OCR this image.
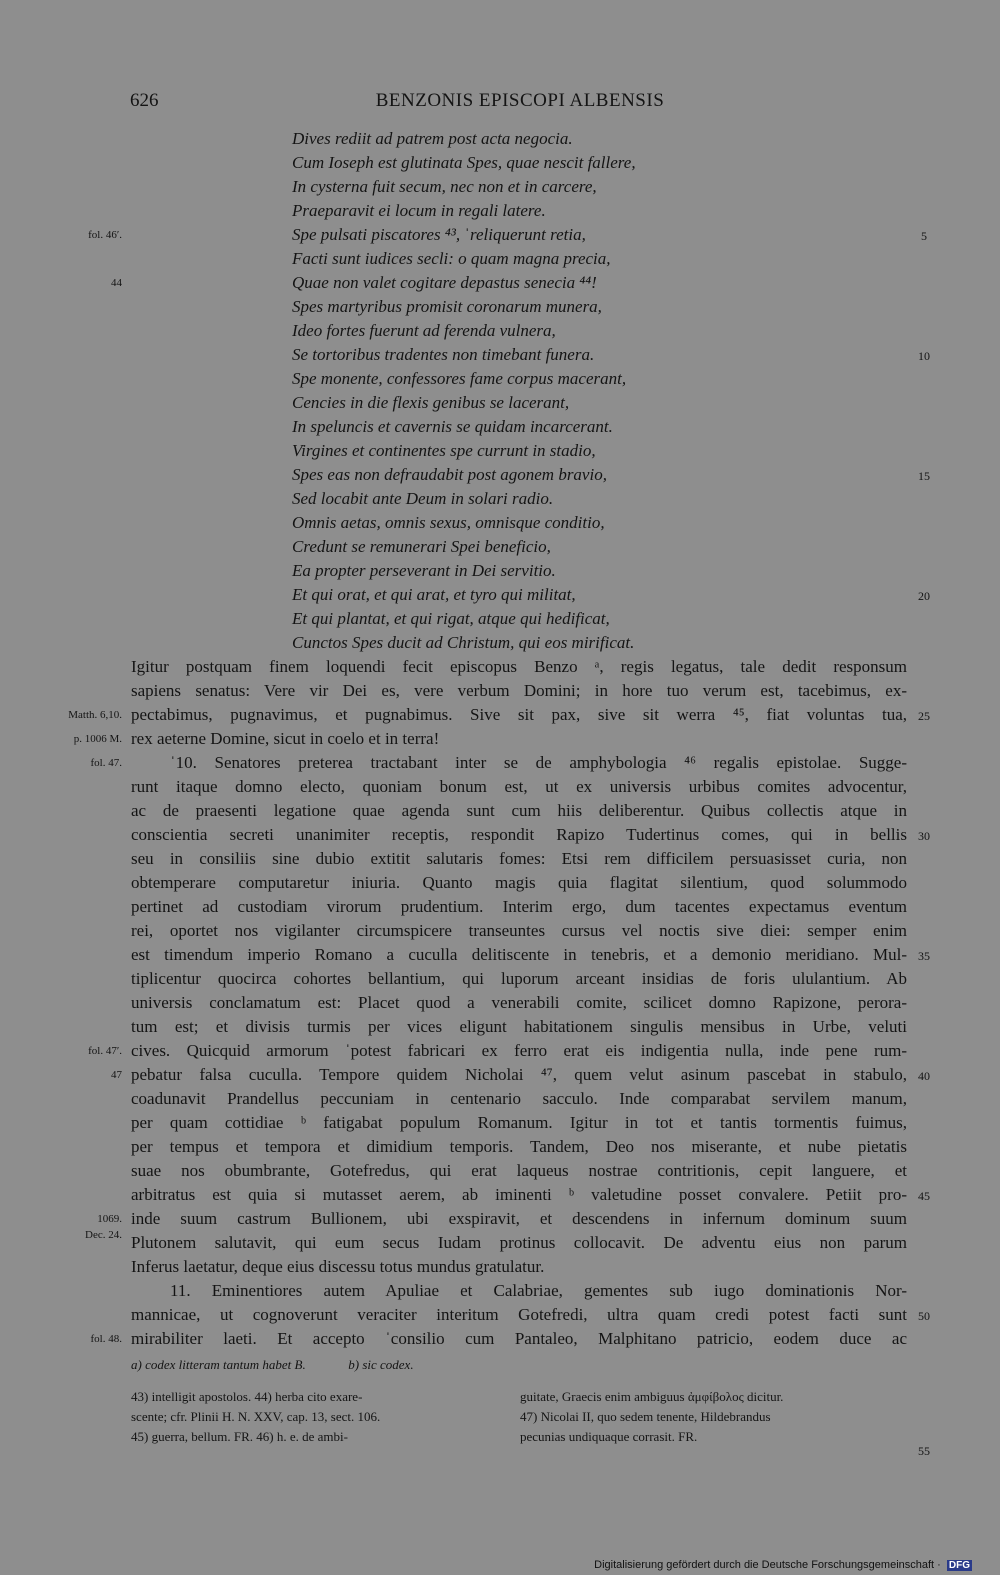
626	BENZONIS EPISCOPI ALBENSIS
Dives rediit ad patrem post acta negocia.
Cum Ioseph est glutinata Spes, quae nescit fallere,
In cysterna fuit secum, nec non et in carcere,
Praeparavit ei locum in regali latere.
Spe pulsati piscatores ⁴³, ˈreliquerunt retia,
Facti sunt iudices secli: o quam magna precia,
Quae non valet cogitare depastus senecia ⁴⁴!
Spes martyribus promisit coronarum munera,
Ideo fortes fuerunt ad ferenda vulnera,
Se tortoribus tradentes non timebant funera.
Spe monente, confessores fame corpus macerant,
Cencies in die flexis genibus se lacerant,
In speluncis et cavernis se quidam incarcerant.
Virgines et continentes spe currunt in stadio,
Spes eas non defraudabit post agonem bravio,
Sed locabit ante Deum in solari radio.
Omnis aetas, omnis sexus, omnisque conditio,
Credunt se remunerari Spei beneficio,
Ea propter perseverant in Dei servitio.
Et qui orat, et qui arat, et tyro qui militat,
Et qui plantat, et qui rigat, atque qui hedificat,
Cunctos Spes ducit ad Christum, qui eos mirificat.
Igitur postquam finem loquendi fecit episcopus Benzo ᵃ, regis legatus, tale dedit responsum
sapiens senatus: Vere vir Dei es, vere verbum Domini; in hore tuo verum est, tacebimus, ex-
pectabimus, pugnavimus, et pugnabimus. Sive sit pax, sive sit werra ⁴⁵, fiat voluntas tua,
rex aeterne Domine, sicut in coelo et in terra!
ˈ10. Senatores preterea tractabant inter se de amphybologia ⁴⁶ regalis epistolae. Sugge-
runt itaque domno electo, quoniam bonum est, ut ex universis urbibus comites advocentur,
ac de praesenti legatione quae agenda sunt cum hiis deliberentur. Quibus collectis atque in
conscientia secreti unanimiter receptis, respondit Rapizo Tudertinus comes, qui in bellis
seu in consiliis sine dubio extitit salutaris fomes: Etsi rem difficilem persuasisset curia, non
obtemperare computaretur iniuria. Quanto magis quia flagitat silentium, quod solummodo
pertinet ad custodiam virorum prudentium. Interim ergo, dum tacentes expectamus eventum
rei, oportet nos vigilanter circumspicere transeuntes cursus vel noctis sive diei: semper enim
est timendum imperio Romano a cuculla delitiscente in tenebris, et a demonio meridiano. Mul-
tiplicentur quocirca cohortes bellantium, qui luporum arceant insidias de foris ululantium. Ab
universis conclamatum est: Placet quod a venerabili comite, scilicet domno Rapizone, perora-
tum est; et divisis turmis per vices eligunt habitationem singulis mensibus in Urbe, veluti
cives. Quicquid armorum ˈpotest fabricari ex ferro erat eis indigentia nulla, inde pene rum-
pebatur falsa cuculla. Tempore quidem Nicholai ⁴⁷, quem velut asinum pascebat in stabulo,
coadunavit Prandellus peccuniam in centenario sacculo. Inde comparabat servilem manum,
per quam cottidiae ᵇ fatigabat populum Romanum. Igitur in tot et tantis tormentis fuimus,
per tempus et tempora et dimidium temporis. Tandem, Deo nos miserante, et nube pietatis
suae nos obumbrante, Gotefredus, qui erat laqueus nostrae contritionis, cepit languere, et
arbitratus est quia si mutasset aerem, ab iminenti ᵇ valetudine posset convalere. Petiit pro-
inde suum castrum Bullionem, ubi exspiravit, et descendens in infernum dominum suum
Plutonem salutavit, qui eum secus Iudam protinus collocavit. De adventu eius non parum
Inferus laetatur, deque eius discessu totus mundus gratulatur.
11. Eminentiores autem Apuliae et Calabriae, gementes sub iugo dominationis Nor-
mannicae, ut cognoverunt veraciter interitum Gotefredi, ultra quam credi potest facti sunt
mirabiliter laeti. Et accepto ˈconsilio cum Pantaleo, Malphitano patricio, eodem duce ac
5
10
15
20
25
30
35
40
45
50
55
fol. 46ʹ.
44
Matth. 6,10.
p. 1006 M.
fol. 47.
fol. 47ʹ.
47
1069.
Dec. 24.
fol. 48.
a) codex litteram tantum habet B.	b) sic codex.
43) intelligit apostolos. 44) herba cito exare-
scente; cfr. Plinii H. N. XXV, cap. 13, sect. 106.
45) guerra, bellum. FR. 46) h. e. de ambi-
guitate, Graecis enim ambiguus ἀμφίβολος dicitur.
47) Nicolai II, quo sedem tenente, Hildebrandus
pecunias undiquaque corrasit. FR.
Digitalisierung gefördert durch die Deutsche Forschungsgemeinschaft · DFG
